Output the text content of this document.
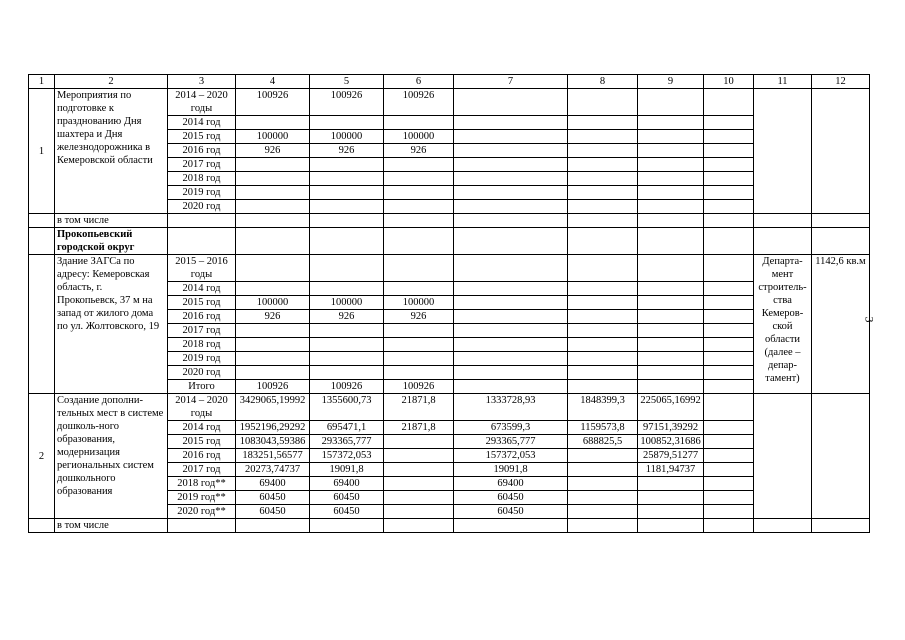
1	2	3	4	5	6	7	8	9	10	11	12
1	Мероприятия по подготовке к празднованию Дня шахтера и Дня железнодорожника в Кемеровской области	2014 – 2020 годы	100926	100926	100926						
		2014 год									
		2015 год	100000	100000	100000						
		2016 год	926	926	926						
		2017 год									
		2018 год									
		2019 год									
		2020 год									
	в том числе										
	Прокопьевский городской округ										
	Здание ЗАГСа по адресу: Кемеровская область, г. Прокопьевск, 37 м на запад от жилого дома по ул. Жолтовского, 19	2015 – 2016 годы								Департа-мент строитель-ства Кемеров-ской области (далее – депар-тамент)	1142,6 кв.м
		2014 год									
		2015 год	100000	100000	100000						
		2016 год	926	926	926						
		2017 год									
		2018 год									
		2019 год									
		2020 год									
		Итого	100926	100926	100926						
2	Создание дополни-тельных мест в системе дошколь-ного образования, модернизация региональных систем дошкольного образования	2014 – 2020 годы	3429065,19992	1355600,73	21871,8	1333728,93	1848399,3	225065,16992			
		2014 год	1952196,29292	695471,1	21871,8	673599,3	1159573,8	97151,39292			
		2015 год	1083043,59386	293365,777		293365,777	688825,5	100852,31686			
		2016 год	183251,56577	157372,053		157372,053		25879,51277			
		2017 год	20273,74737	19091,8		19091,8		1181,94737			
		2018 год**	69400	69400		69400					
		2019 год**	60450	60450		60450					
		2020 год**	60450	60450		60450					
	в том числе										
3
